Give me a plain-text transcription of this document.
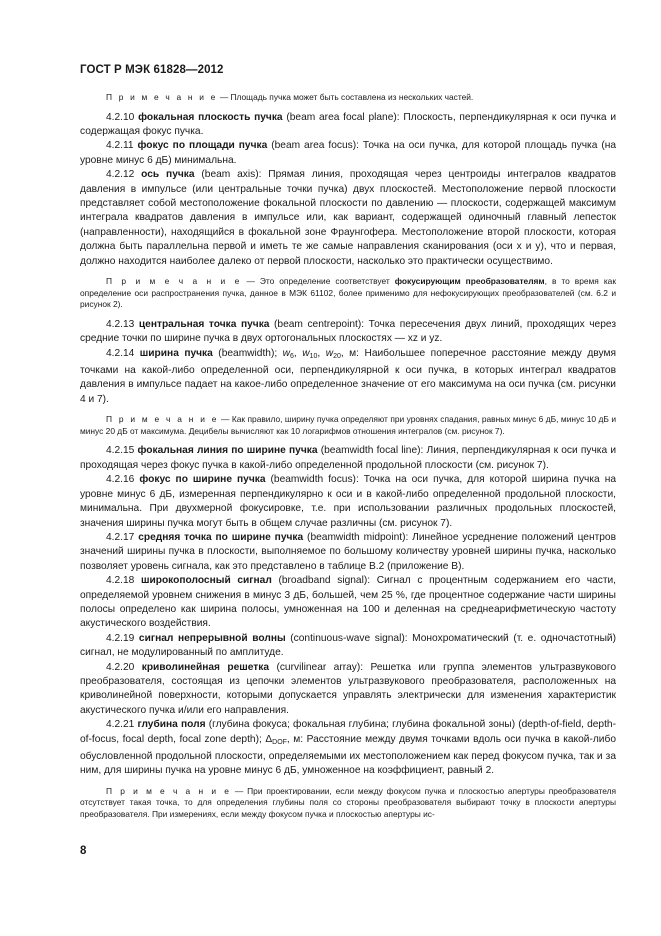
ГОСТ Р МЭК 61828—2012

П р и м е ч а н и е — Площадь пучка может быть составлена из нескольких частей.

4.2.10 фокальная плоскость пучка (beam area focal plane): Плоскость, перпендикулярная к оси пучка и содержащая фокус пучка.

4.2.11 фокус по площади пучка (beam area focus): Точка на оси пучка, для которой площадь пучка (на уровне минус 6 дБ) минимальна.

4.2.12 ось пучка (beam axis): Прямая линия, проходящая через центроиды интегралов квадратов давления в импульсе (или центральные точки пучка) двух плоскостей. Местоположение первой плоскости представляет собой местоположение фокальной плоскости по давлению — плоскости, содержащей максимум интеграла квадратов давления в импульсе или, как вариант, содержащей одиночный главный лепесток (направленности), находящийся в фокальной зоне Фраунгофера. Местоположение второй плоскости, которая должна быть параллельна первой и иметь те же самые направления сканирования (оси x и y), что и первая, должно находится наиболее далеко от первой плоскости, насколько это практически осуществимо.

П р и м е ч а н и е — Это определение соответствует фокусирующим преобразователям, в то время как определение оси распространения пучка, данное в МЭК 61102, более применимо для нефокусирующих преобразователей (см. 6.2 и рисунок 2).

4.2.13 центральная точка пучка (beam centrepoint): Точка пересечения двух линий, проходящих через средние точки по ширине пучка в двух ортогональных плоскостях — xz и yz.

4.2.14 ширина пучка (beamwidth); $w_6$, $w_{10}$, $w_{20}$, м: Наибольшее поперечное расстояние между двумя точками на какой-либо определенной оси, перпендикулярной к оси пучка, в которых интеграл квадратов давления в импульсе падает на какое-либо определенное значение от его максимума на оси пучка (см. рисунки 4 и 7).

П р и м е ч а н и е — Как правило, ширину пучка определяют при уровнях спадания, равных минус 6 дБ, минус 10 дБ и минус 20 дБ от максимума. Децибелы вычисляют как 10 логарифмов отношения интегралов (см. рисунок 7).

4.2.15 фокальная линия по ширине пучка (beamwidth focal line): Линия, перпендикулярная к оси пучка и проходящая через фокус пучка в какой-либо определенной продольной плоскости (см. рисунок 7).

4.2.16 фокус по ширине пучка (beamwidth focus): Точка на оси пучка, для которой ширина пучка на уровне минус 6 дБ, измеренная перпендикулярно к оси и в какой-либо определенной продольной плоскости, минимальна. При двухмерной фокусировке, т.е. при использовании различных продольных плоскостей, значения ширины пучка могут быть в общем случае различны (см. рисунок 7).

4.2.17 средняя точка по ширине пучка (beamwidth midpoint): Линейное усреднение положений центров значений ширины пучка в плоскости, выполняемое по большому количеству уровней ширины пучка, насколько позволяет уровень сигнала, как это представлено в таблице В.2 (приложение В).

4.2.18 широкополосный сигнал (broadband signal): Сигнал с процентным содержанием его части, определяемой уровнем снижения в минус 3 дБ, большей, чем 25 %, где процентное содержание части ширины полосы определено как ширина полосы, умноженная на 100 и деленная на среднеарифметическую частоту акустического воздействия.

4.2.19 сигнал непрерывной волны (continuous-wave signal): Монохроматический (т. е. одночастотный) сигнал, не модулированный по амплитуде.

4.2.20 криволинейная решетка (curvilinear array): Решетка или группа элементов ультразвукового преобразователя, состоящая из цепочки элементов ультразвукового преобразователя, расположенных на криволинейной поверхности, которыми допускается управлять электрически для изменения характеристик акустического пучка и/или его направления.

4.2.21 глубина поля (глубина фокуса; фокальная глубина; глубина фокальной зоны) (depth-of-field, depth-of-focus, focal depth, focal zone depth); $\Delta_{DOF}$, м: Расстояние между двумя точками вдоль оси пучка в какой-либо обусловленной продольной плоскости, определяемыми их местоположением как перед фокусом пучка, так и за ним, для ширины пучка на уровне минус 6 дБ, умноженное на коэффициент, равный 2.

П р и м е ч а н и е — При проектировании, если между фокусом пучка и плоскостью апертуры преобразователя отсутствует такая точка, то для определения глубины поля со стороны преобразователя выбирают точку в плоскости апертуры преобразователя. При измерениях, если между фокусом пучка и плоскостью апертуры ис-

8
